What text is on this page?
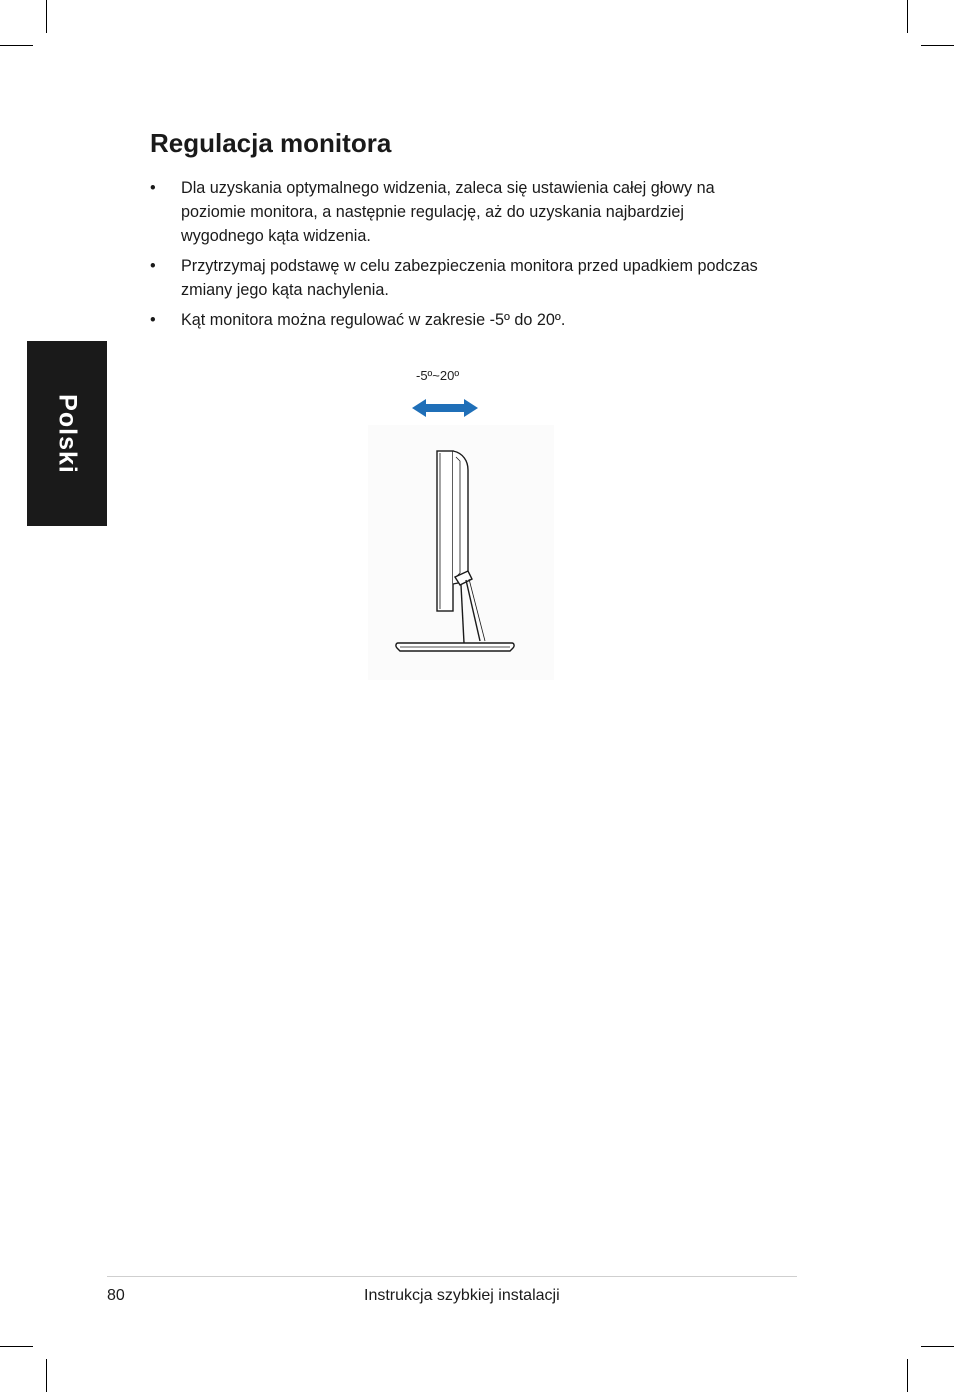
Polski
Regulacja monitora
• Dla uzyskania optymalnego widzenia, zaleca się ustawienia całej głowy na poziomie monitora, a następnie regulację, aż do uzyskania najbardziej wygodnego kąta widzenia.
• Przytrzymaj podstawę w celu zabezpieczenia monitora przed upadkiem podczas zmiany jego kąta nachylenia.
• Kąt monitora można regulować w zakresie -5º do 20º.
-5º~20º
80	Instrukcja szybkiej instalacji
